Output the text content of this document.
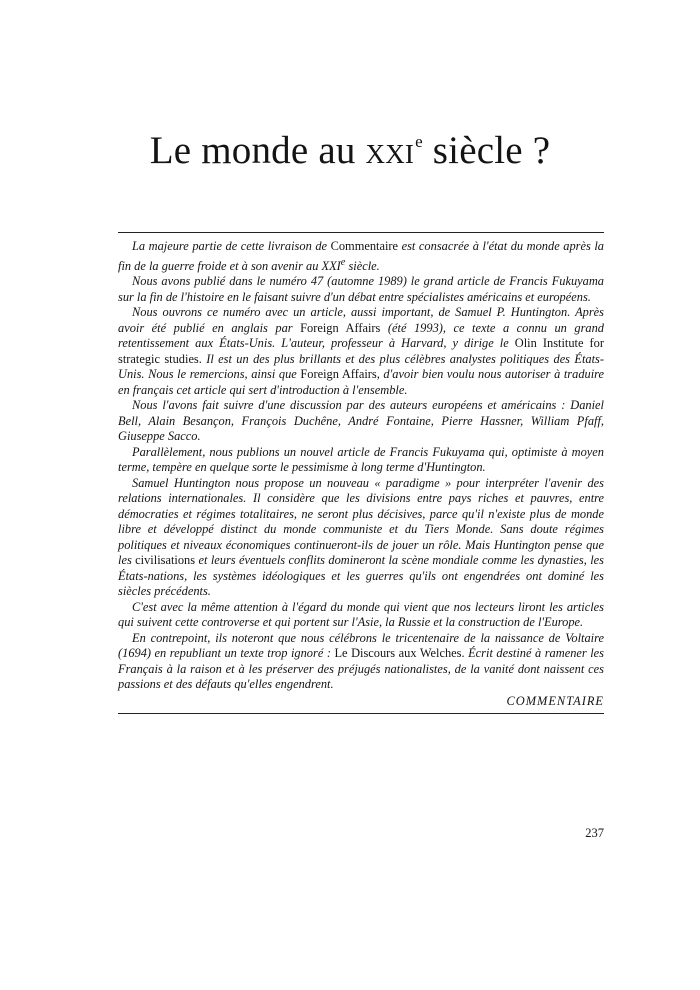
Le monde au xxi$^e$ siècle ?

La majeure partie de cette livraison de Commentaire est consacrée à l'état du monde après la fin de la guerre froide et à son avenir au XXIe siècle.

Nous avons publié dans le numéro 47 (automne 1989) le grand article de Francis Fukuyama sur la fin de l'histoire en le faisant suivre d'un débat entre spécialistes américains et européens.

Nous ouvrons ce numéro avec un article, aussi important, de Samuel P. Huntington. Après avoir été publié en anglais par Foreign Affairs (été 1993), ce texte a connu un grand retentissement aux États-Unis. L'auteur, professeur à Harvard, y dirige le Olin Institute for strategic studies. Il est un des plus brillants et des plus célèbres analystes politiques des États-Unis. Nous le remercions, ainsi que Foreign Affairs, d'avoir bien voulu nous autoriser à traduire en français cet article qui sert d'introduction à l'ensemble.

Nous l'avons fait suivre d'une discussion par des auteurs européens et américains : Daniel Bell, Alain Besançon, François Duchêne, André Fontaine, Pierre Hassner, William Pfaff, Giuseppe Sacco.

Parallèlement, nous publions un nouvel article de Francis Fukuyama qui, optimiste à moyen terme, tempère en quelque sorte le pessimisme à long terme d'Huntington.

Samuel Huntington nous propose un nouveau « paradigme » pour interpréter l'avenir des relations internationales. Il considère que les divisions entre pays riches et pauvres, entre démocraties et régimes totalitaires, ne seront plus décisives, parce qu'il n'existe plus de monde libre et développé distinct du monde communiste et du Tiers Monde. Sans doute régimes politiques et niveaux économiques continueront-ils de jouer un rôle. Mais Huntington pense que les civilisations et leurs éventuels conflits domineront la scène mondiale comme les dynasties, les États-nations, les systèmes idéologiques et les guerres qu'ils ont engendrées ont dominé les siècles précédents.

C'est avec la même attention à l'égard du monde qui vient que nos lecteurs liront les articles qui suivent cette controverse et qui portent sur l'Asie, la Russie et la construction de l'Europe.

En contrepoint, ils noteront que nous célébrons le tricentenaire de la naissance de Voltaire (1694) en republiant un texte trop ignoré : Le Discours aux Welches. Écrit destiné à ramener les Français à la raison et à les préserver des préjugés nationalistes, de la vanité dont naissent ces passions et des défauts qu'elles engendrent.

COMMENTAIRE
237
